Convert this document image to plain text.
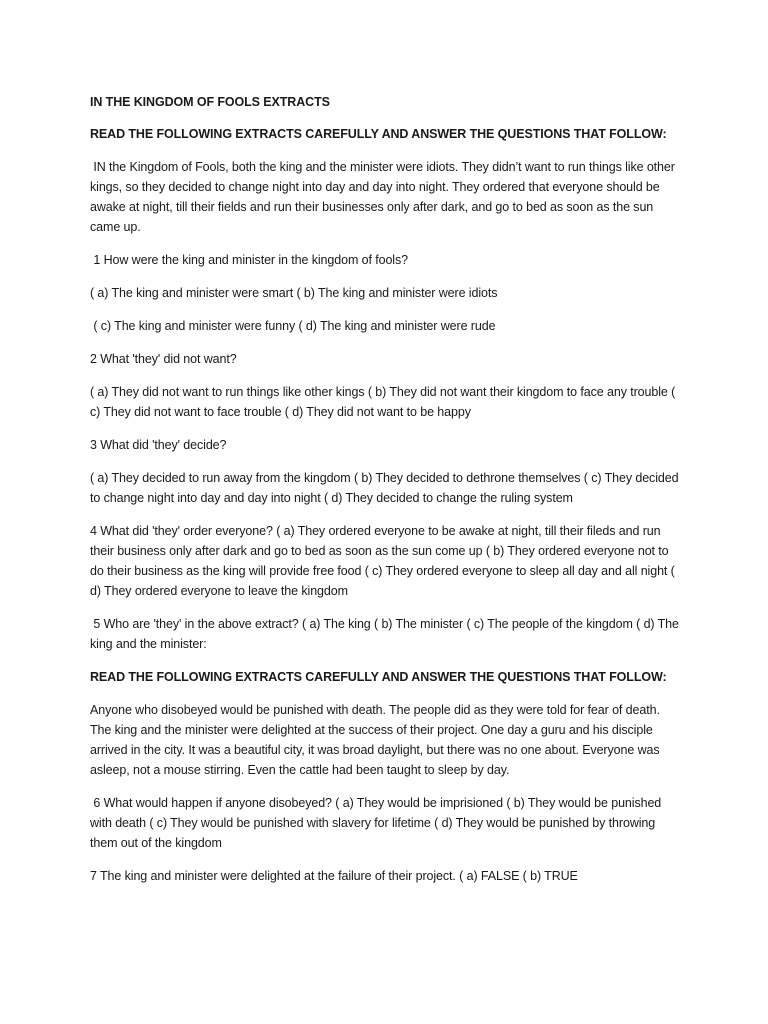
IN THE KINGDOM OF FOOLS EXTRACTS
READ THE FOLLOWING EXTRACTS CAREFULLY AND ANSWER THE QUESTIONS THAT FOLLOW:
IN the Kingdom of Fools, both the king and the minister were idiots. They didn’t want to run things like other kings, so they decided to change night into day and day into night. They ordered that everyone should be awake at night, till their fields and run their businesses only after dark, and go to bed as soon as the sun came up.
1 How were the king and minister in the kingdom of fools?
( a) The king and minister were smart ( b) The king and minister were idiots
( c) The king and minister were funny ( d) The king and minister were rude
2 What 'they' did not want?
( a) They did not want to run things like other kings ( b) They did not want their kingdom to face any trouble ( c) They did not want to face trouble ( d) They did not want to be happy
3 What did 'they' decide?
( a) They decided to run away from the kingdom ( b) They decided to dethrone themselves ( c) They decided to change night into day and day into night ( d) They decided to change the ruling system
4 What did 'they' order everyone? ( a) They ordered everyone to be awake at night, till their fileds and run their business only after dark and go to bed as soon as the sun come up ( b) They ordered everyone not to do their business as the king will provide free food ( c) They ordered everyone to sleep all day and all night ( d) They ordered everyone to leave the kingdom
5 Who are 'they' in the above extract? ( a) The king ( b) The minister ( c) The people of the kingdom ( d) The king and the minister:
READ THE FOLLOWING EXTRACTS CAREFULLY AND ANSWER THE QUESTIONS THAT FOLLOW:
Anyone who disobeyed would be punished with death. The people did as they were told for fear of death. The king and the minister were delighted at the success of their project. One day a guru and his disciple arrived in the city. It was a beautiful city, it was broad daylight, but there was no one about. Everyone was asleep, not a mouse stirring. Even the cattle had been taught to sleep by day.
6 What would happen if anyone disobeyed? ( a) They would be imprisioned ( b) They would be punished with death ( c) They would be punished with slavery for lifetime ( d) They would be punished by throwing them out of the kingdom
7 The king and minister were delighted at the failure of their project. ( a) FALSE ( b) TRUE
